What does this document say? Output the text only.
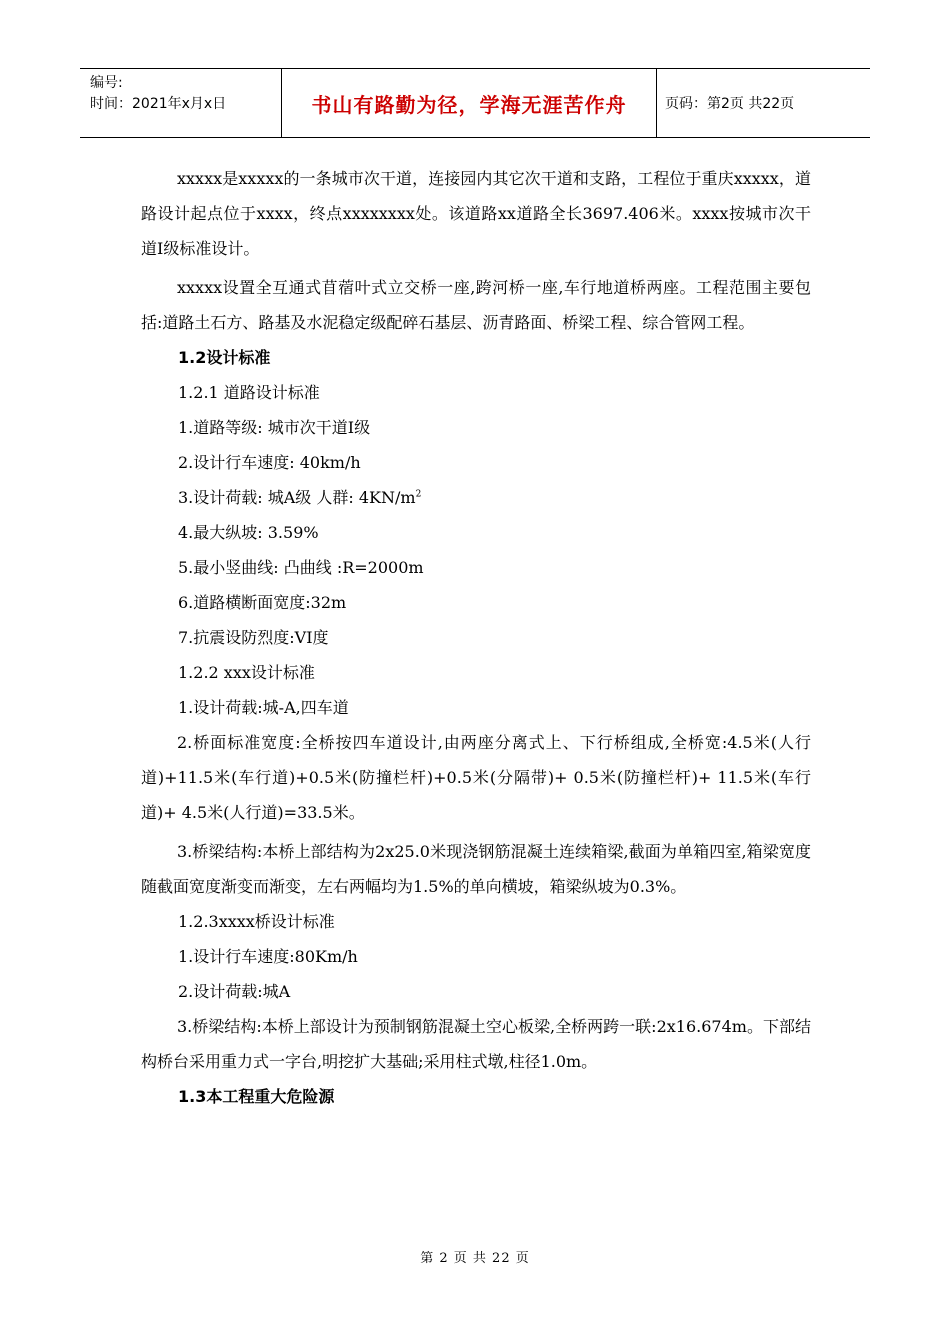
编号:
时间：2021年x月x日	书山有路勤为径，学海无涯苦作舟	页码：第2页 共22页

xxxxx是xxxxx的一条城市次干道，连接园内其它次干道和支路，工程位于重庆xxxxx，道路设计起点位于xxxx，终点xxxxxxxx处。该道路xx道路全长3697.406米。xxxx按城市次干道Ⅰ级标准设计。

xxxxx设置全互通式苜蓿叶式立交桥一座,跨河桥一座,车行地道桥两座。工程范围主要包括:道路土石方、路基及水泥稳定级配碎石基层、沥青路面、桥梁工程、综合管网工程。

1.2设计标准

1.2.1 道路设计标准

1.道路等级: 城市次干道Ⅰ级

2.设计行车速度: 40km/h

3.设计荷载: 城A级 人群: $4KN/m^2$

4.最大纵坡: 3.59%

5.最小竖曲线: 凸曲线 :R=2000m

6.道路横断面宽度:32m

7.抗震设防烈度:VI度

1.2.2 xxx设计标准

1.设计荷载:城-A,四车道

2.桥面标准宽度:全桥按四车道设计,由两座分离式上、下行桥组成,全桥宽:4.5米(人行道)+11.5米(车行道)+0.5米(防撞栏杆)+0.5米(分隔带)+ 0.5米(防撞栏杆)+ 11.5米(车行道)+ 4.5米(人行道)=33.5米。

3.桥梁结构:本桥上部结构为2x25.0米现浇钢筋混凝土连续箱梁,截面为单箱四室,箱梁宽度随截面宽度渐变而渐变，左右两幅均为1.5%的单向横坡，箱梁纵坡为0.3%。

1.2.3xxxx桥设计标准

1.设计行车速度:80Km/h

2.设计荷载:城A

3.桥梁结构:本桥上部设计为预制钢筋混凝土空心板梁,全桥两跨一联:2x16.674m。下部结构桥台采用重力式一字台,明挖扩大基础;采用柱式墩,柱径1.0m。

1.3本工程重大危险源

第 2 页 共 22 页
